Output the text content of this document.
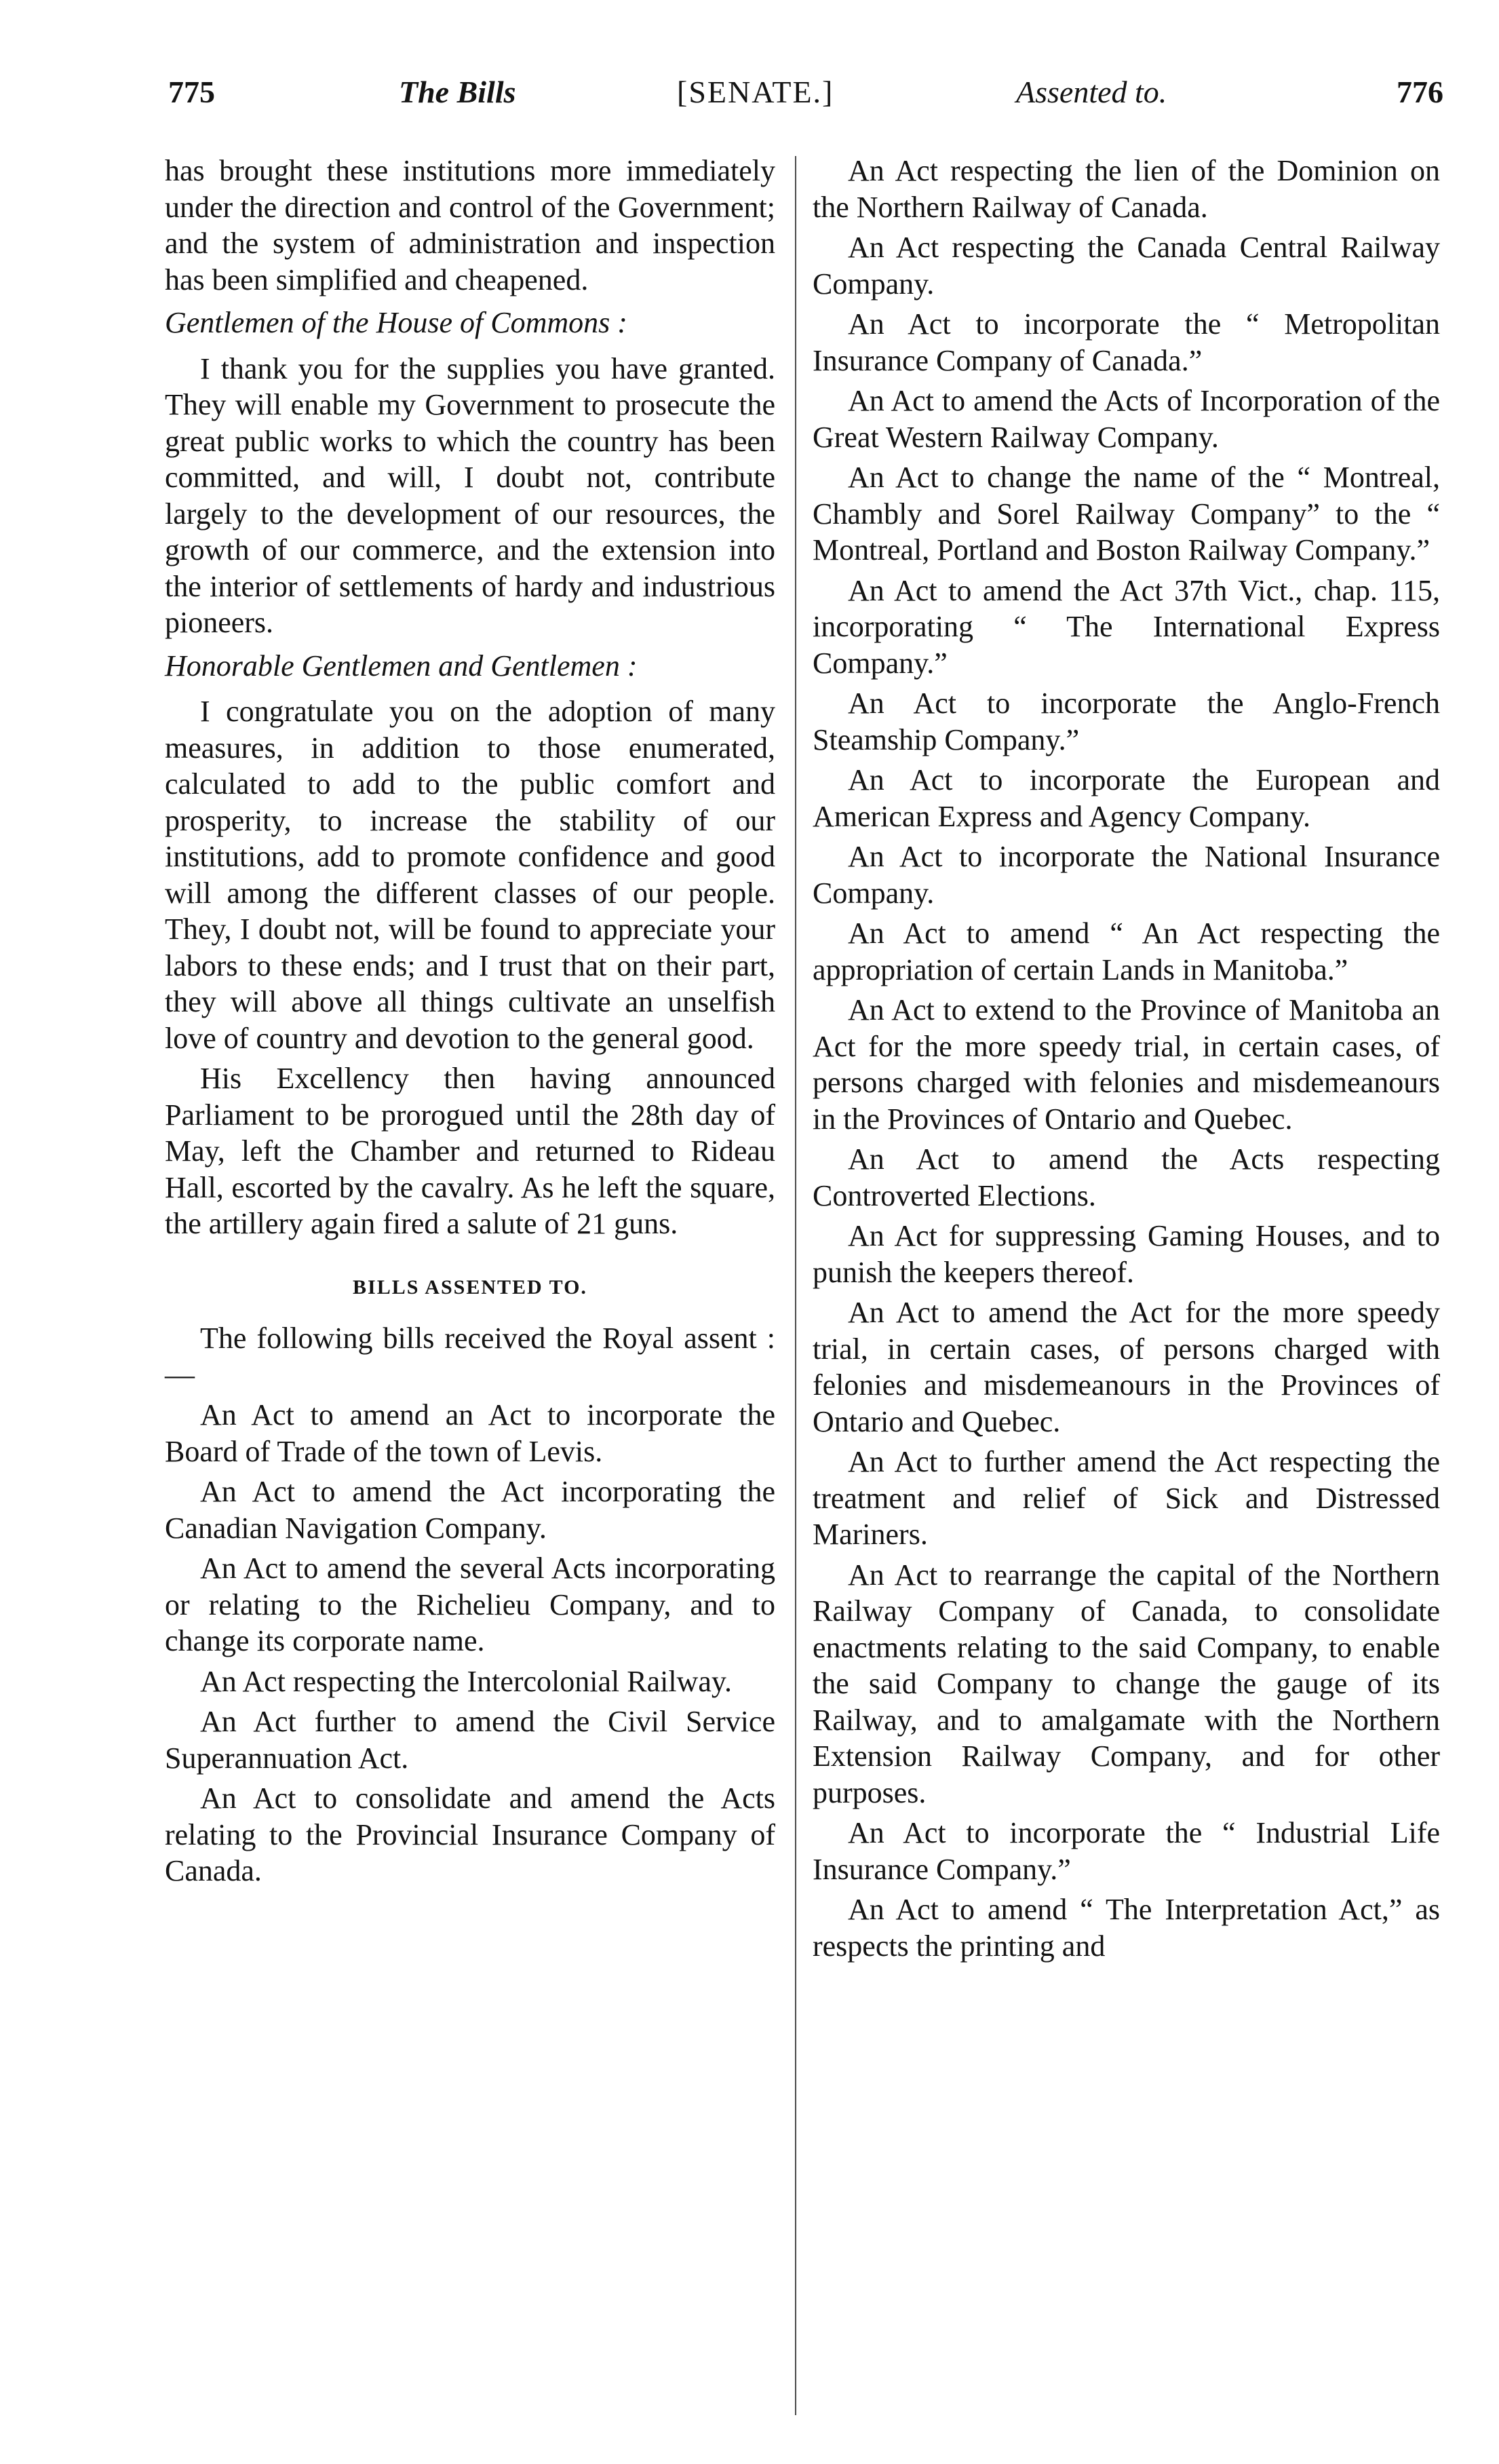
775	The Bills	[SENATE.]	Assented to.	776

has brought these institutions more immediately under the direction and control of the Government; and the system of administration and inspection has been simplified and cheapened.

Gentlemen of the House of Commons :

I thank you for the supplies you have granted. They will enable my Government to prosecute the great public works to which the country has been committed, and will, I doubt not, contribute largely to the development of our resources, the growth of our commerce, and the extension into the interior of settlements of hardy and industrious pioneers.

Honorable Gentlemen and Gentlemen :

I congratulate you on the adoption of many measures, in addition to those enumerated, calculated to add to the public comfort and prosperity, to increase the stability of our institutions, add to promote confidence and good will among the different classes of our people. They, I doubt not, will be found to appreciate your labors to these ends; and I trust that on their part, they will above all things cultivate an unselfish love of country and devotion to the general good.

His Excellency then having announced Parliament to be prorogued until the 28th day of May, left the Chamber and returned to Rideau Hall, escorted by the cavalry. As he left the square, the artillery again fired a salute of 21 guns.

BILLS ASSENTED TO.

The following bills received the Royal assent :—

An Act to amend an Act to incorporate the Board of Trade of the town of Levis.

An Act to amend the Act incorporating the Canadian Navigation Company.

An Act to amend the several Acts incorporating or relating to the Richelieu Company, and to change its corporate name.

An Act respecting the Intercolonial Railway.

An Act further to amend the Civil Service Superannuation Act.

An Act to consolidate and amend the Acts relating to the Provincial Insurance Company of Canada.

An Act respecting the lien of the Dominion on the Northern Railway of Canada.

An Act respecting the Canada Central Railway Company.

An Act to incorporate the “ Metropolitan Insurance Company of Canada.”

An Act to amend the Acts of Incorporation of the Great Western Railway Company.

An Act to change the name of the “ Montreal, Chambly and Sorel Railway Company” to the “ Montreal, Portland and Boston Railway Company.”

An Act to amend the Act 37th Vict., chap. 115, incorporating “ The International Express Company.”

An Act to incorporate the Anglo-French Steamship Company.”

An Act to incorporate the European and American Express and Agency Company.

An Act to incorporate the National Insurance Company.

An Act to amend “ An Act respecting the appropriation of certain Lands in Manitoba.”

An Act to extend to the Province of Manitoba an Act for the more speedy trial, in certain cases, of persons charged with felonies and misdemeanours in the Provinces of Ontario and Quebec.

An Act to amend the Acts respecting Controverted Elections.

An Act for suppressing Gaming Houses, and to punish the keepers thereof.

An Act to amend the Act for the more speedy trial, in certain cases, of persons charged with felonies and misdemeanours in the Provinces of Ontario and Quebec.

An Act to further amend the Act respecting the treatment and relief of Sick and Distressed Mariners.

An Act to rearrange the capital of the Northern Railway Company of Canada, to consolidate enactments relating to the said Company, to enable the said Company to change the gauge of its Railway, and to amalgamate with the Northern Extension Railway Company, and for other purposes.

An Act to incorporate the “ Industrial Life Insurance Company.”

An Act to amend “ The Interpretation Act,” as respects the printing and
